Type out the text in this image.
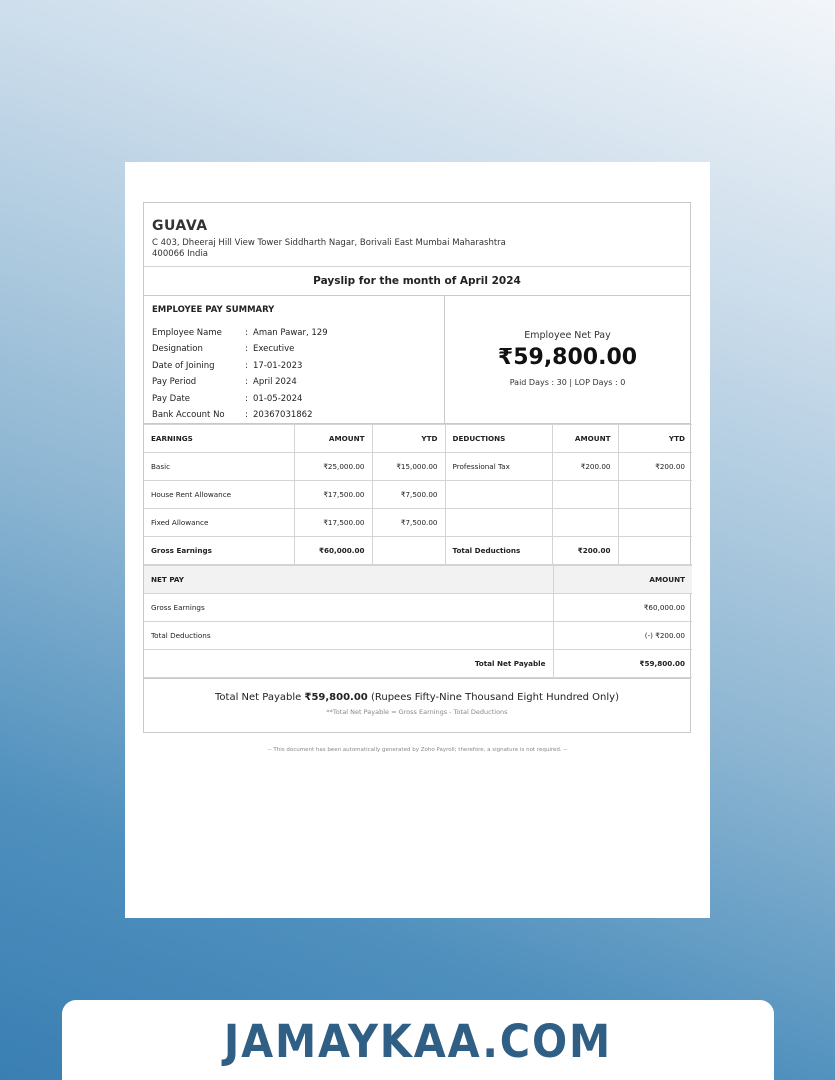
GUAVA
C 403, Dheeraj Hill View Tower Siddharth Nagar, Borivali East Mumbai Maharashtra 400066 India
Payslip for the month of April 2024
EMPLOYEE PAY SUMMARY
Employee Name	: Aman Pawar, 129
Designation	: Executive
Date of Joining	: 17-01-2023
Pay Period	: April 2024
Pay Date	: 01-05-2024
Bank Account No	: 20367031862
Employee Net Pay
₹59,800.00
Paid Days : 30 | LOP Days : 0
EARNINGS	AMOUNT	YTD	DEDUCTIONS	AMOUNT	YTD
Basic	₹25,000.00	₹15,000.00	Professional Tax	₹200.00	₹200.00
House Rent Allowance	₹17,500.00	₹7,500.00			
Fixed Allowance	₹17,500.00	₹7,500.00			
Gross Earnings	₹60,000.00		Total Deductions	₹200.00	
NET PAY	AMOUNT
Gross Earnings	₹60,000.00
Total Deductions	(-) ₹200.00
Total Net Payable	₹59,800.00
Total Net Payable ₹59,800.00 (Rupees Fifty-Nine Thousand Eight Hundred Only)
**Total Net Payable = Gross Earnings - Total Deductions
-- This document has been automatically generated by Zoho Payroll; therefore, a signature is not required. --
JAMAYKAA.COM
